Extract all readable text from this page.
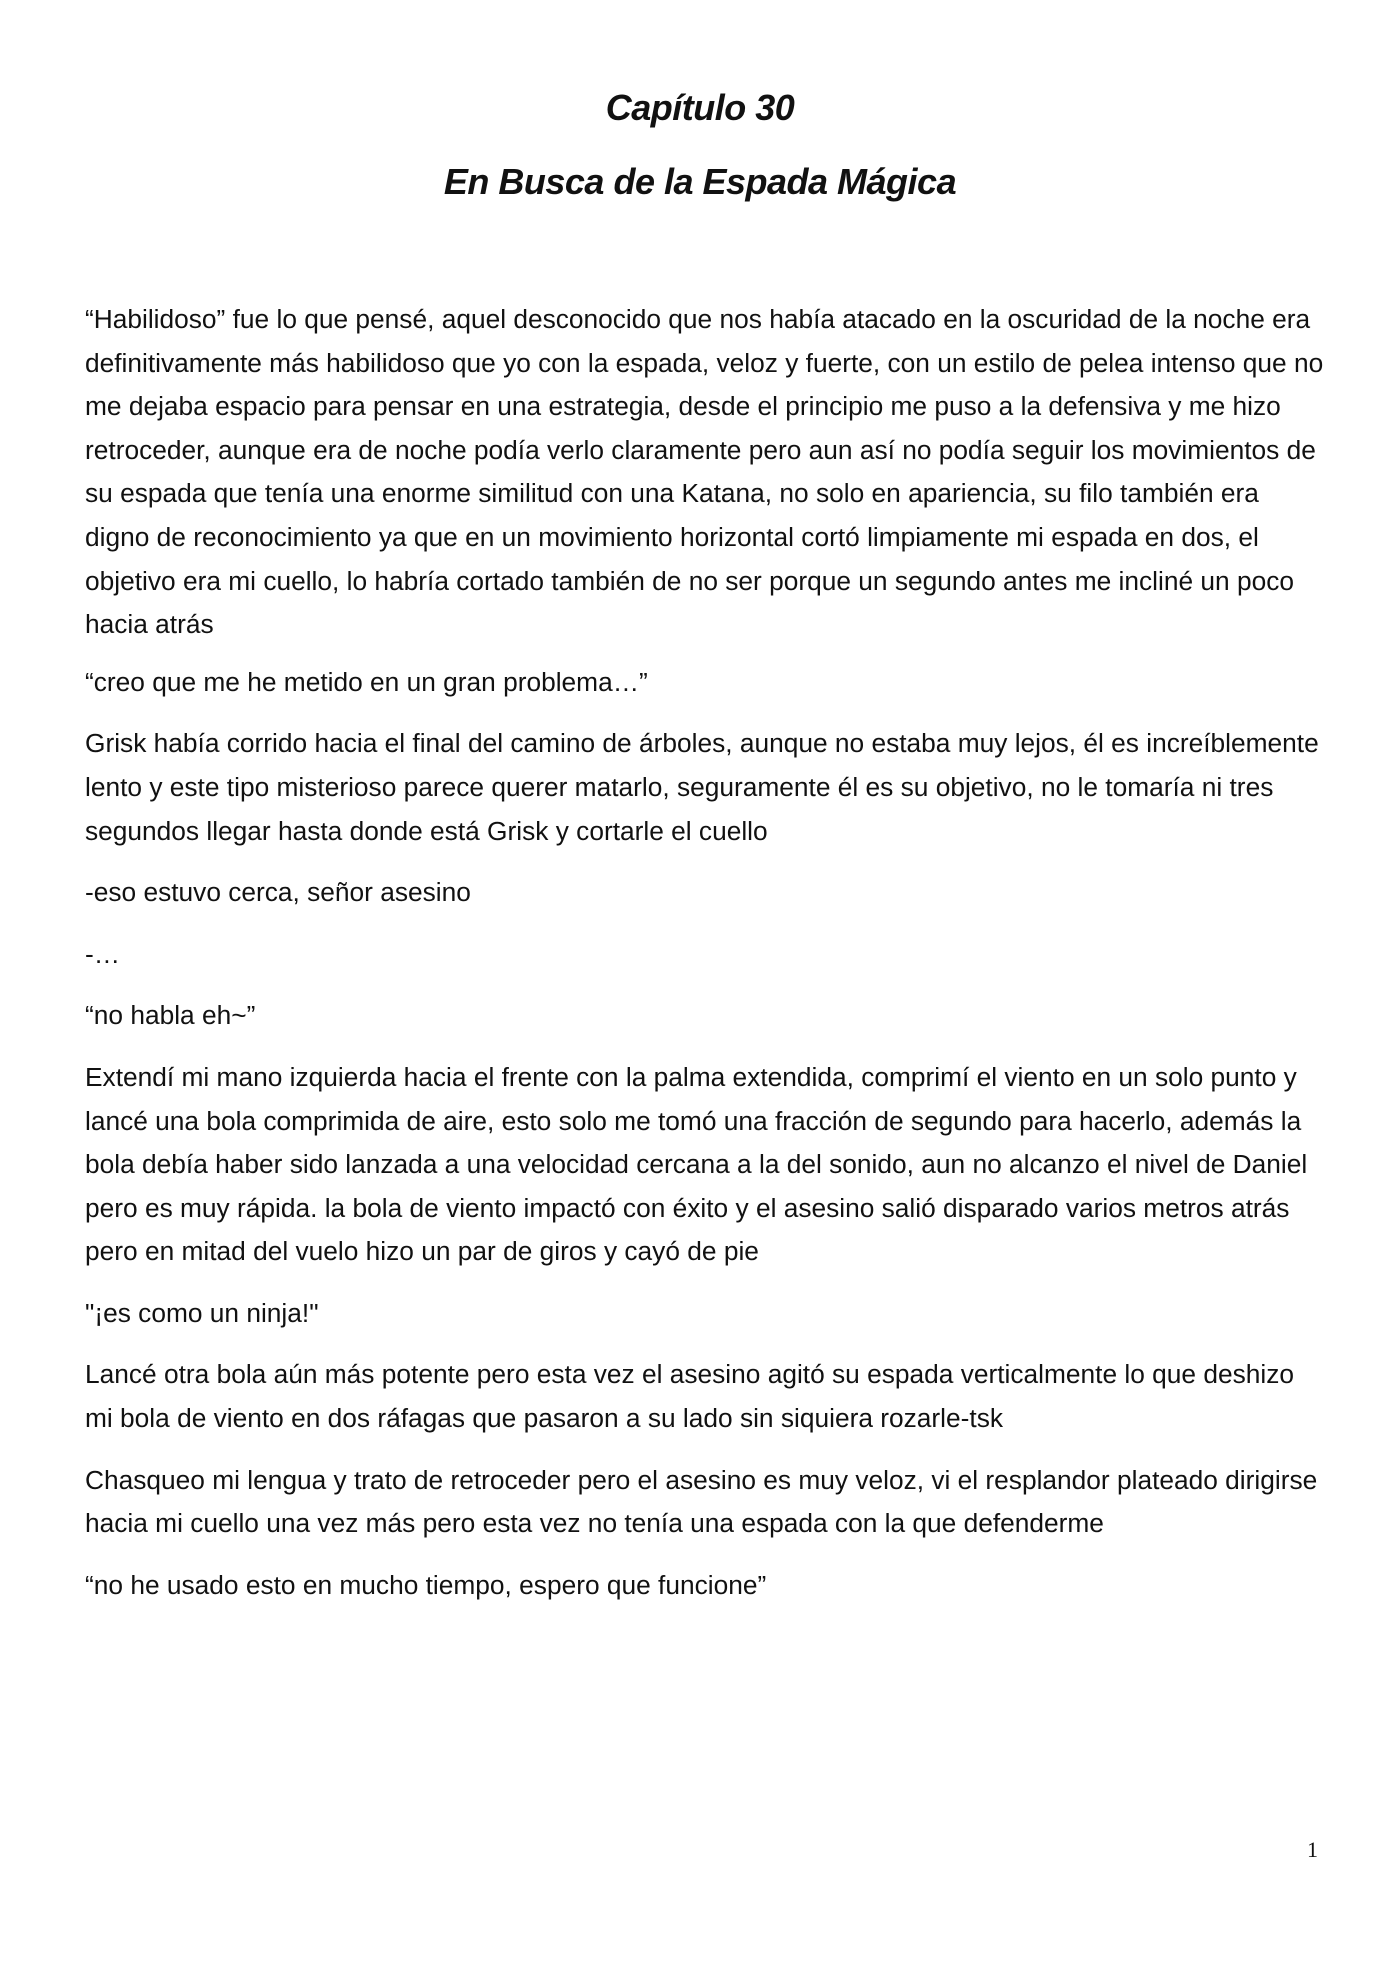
Capítulo 30
En Busca de la Espada Mágica

“Habilidoso” fue lo que pensé, aquel desconocido que nos había atacado en la oscuridad de la noche era definitivamente más habilidoso que yo con la espada, veloz y fuerte, con un estilo de pelea intenso que no me dejaba espacio para pensar en una estrategia, desde el principio me puso a la defensiva y me hizo retroceder, aunque era de noche podía verlo claramente pero aun así no podía seguir los movimientos de su espada que tenía una enorme similitud con una Katana, no solo en apariencia, su filo también era digno de reconocimiento ya que en un movimiento horizontal cortó limpiamente mi espada en dos, el objetivo era mi cuello, lo habría cortado también de no ser porque un segundo antes me incliné un poco hacia atrás

“creo que me he metido en un gran problema…”

Grisk había corrido hacia el final del camino de árboles, aunque no estaba muy lejos, él es increíblemente lento y este tipo misterioso parece querer matarlo, seguramente él es su objetivo, no le tomaría ni tres segundos llegar hasta donde está Grisk y cortarle el cuello

-eso estuvo cerca, señor asesino

-…

“no habla eh~”

Extendí mi mano izquierda hacia el frente con la palma extendida, comprimí el viento en un solo punto y lancé una bola comprimida de aire, esto solo me tomó una fracción de segundo para hacerlo, además la bola debía haber sido lanzada a una velocidad cercana a la del sonido, aun no alcanzo el nivel de Daniel pero es muy rápida. la bola de viento impactó con éxito y el asesino salió disparado varios metros atrás pero en mitad del vuelo hizo un par de giros y cayó de pie

"¡es como un ninja!"

Lancé otra bola aún más potente pero esta vez el asesino agitó su espada verticalmente lo que deshizo mi bola de viento en dos ráfagas que pasaron a su lado sin siquiera rozarle-tsk

Chasqueo mi lengua y trato de retroceder pero el asesino es muy veloz, vi el resplandor plateado dirigirse hacia mi cuello una vez más pero esta vez no tenía una espada con la que defenderme

“no he usado esto en mucho tiempo, espero que funcione”

1
